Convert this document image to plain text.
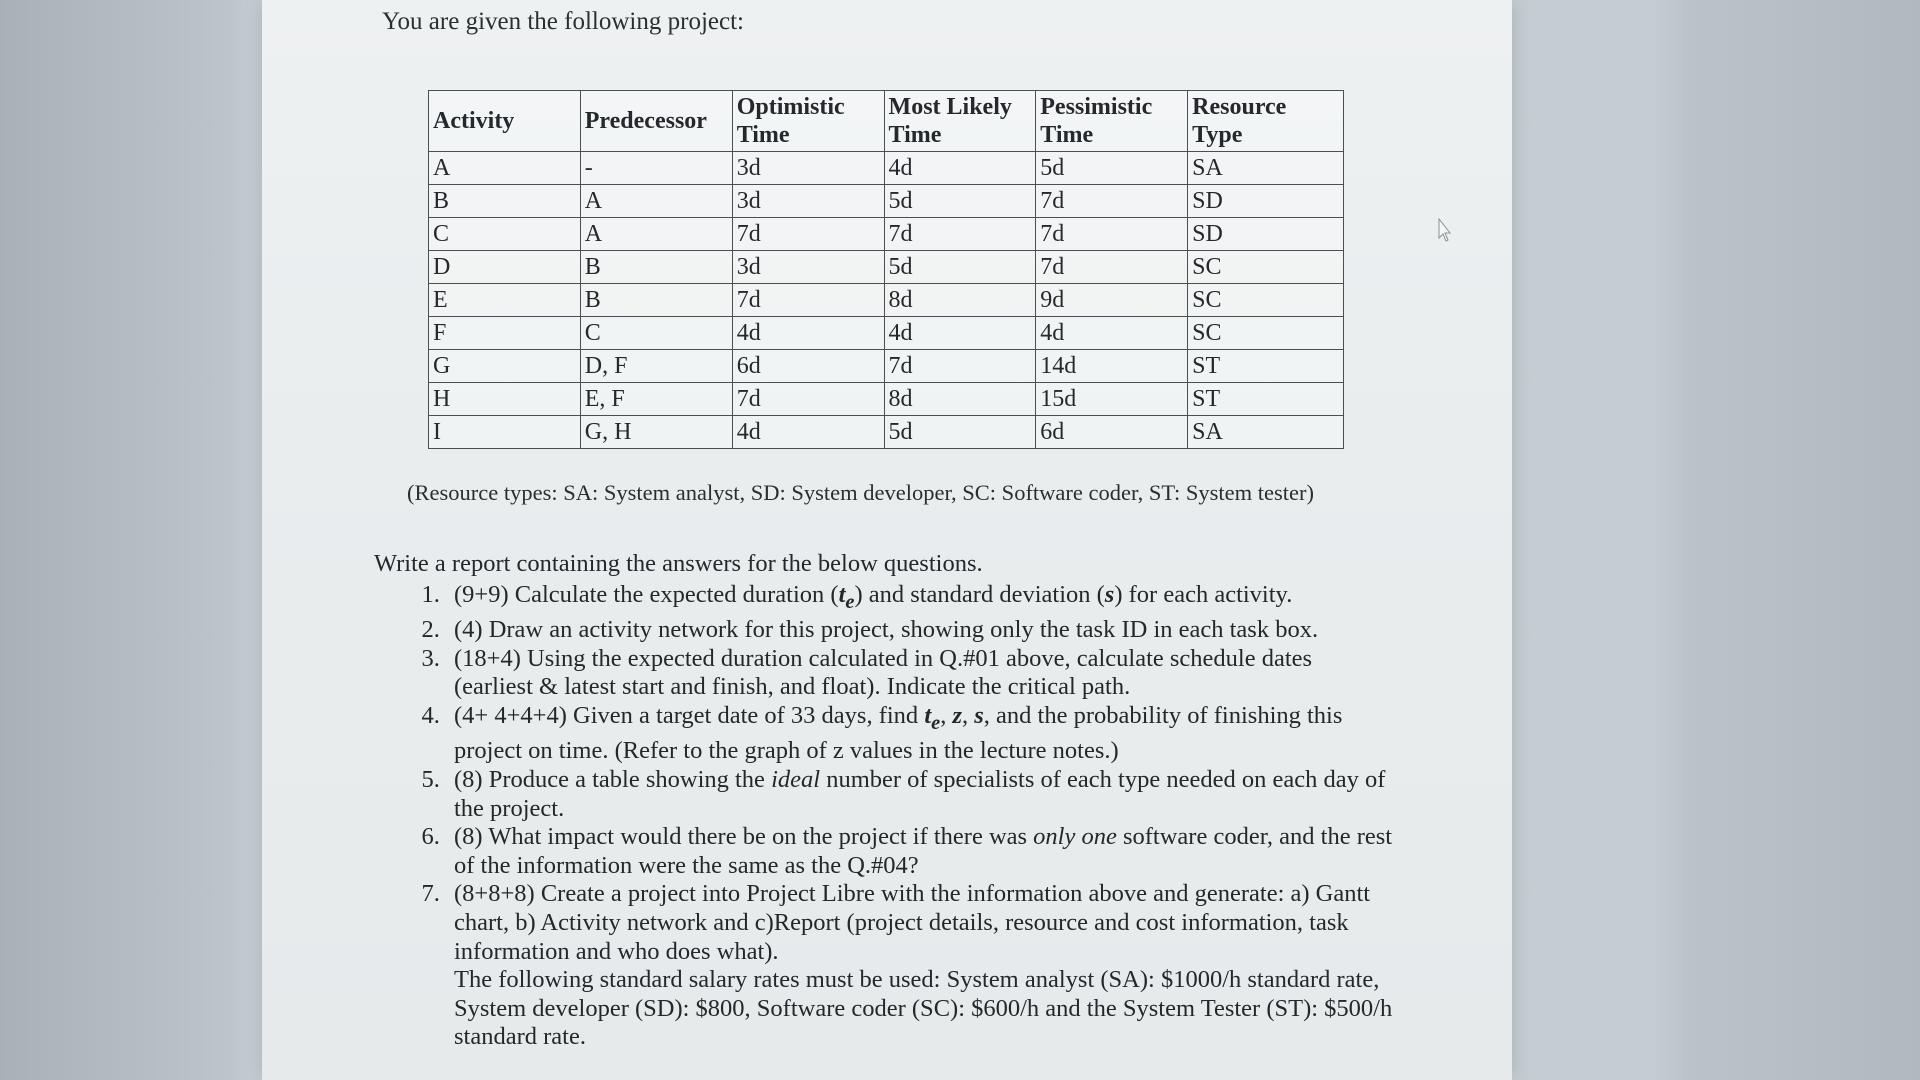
You are given the following project:
Activity	Predecessor	Optimistic Time	Most Likely Time	Pessimistic Time	Resource Type
A	-	3d	4d	5d	SA
B	A	3d	5d	7d	SD
C	A	7d	7d	7d	SD
D	B	3d	5d	7d	SC
E	B	7d	8d	9d	SC
F	C	4d	4d	4d	SC
G	D, F	6d	7d	14d	ST
H	E, F	7d	8d	15d	ST
I	G, H	4d	5d	6d	SA
(Resource types: SA: System analyst, SD: System developer, SC: Software coder, ST: System tester)

Write a report containing the answers for the below questions.

1. (9+9) Calculate the expected duration $(t_e)$ and standard deviation (s) for each activity.
2. (4) Draw an activity network for this project, showing only the task ID in each task box.
3. (18+4) Using the expected duration calculated in Q.#01 above, calculate schedule dates (earliest & latest start and finish, and float). Indicate the critical path.
4. (4+ 4+4+4) Given a target date of 33 days, find $t_e$, z, s, and the probability of finishing this project on time. (Refer to the graph of z values in the lecture notes.)
5. (8) Produce a table showing the ideal number of specialists of each type needed on each day of the project.
6. (8) What impact would there be on the project if there was only one software coder, and the rest of the information were the same as the Q.#04?
7. (8+8+8) Create a project into Project Libre with the information above and generate: a) Gantt chart, b) Activity network and c)Report (project details, resource and cost information, task information and who does what).
The following standard salary rates must be used: System analyst (SA): $1000/h standard rate, System developer (SD): $800, Software coder (SC): $600/h and the System Tester (ST): $500/h standard rate.
